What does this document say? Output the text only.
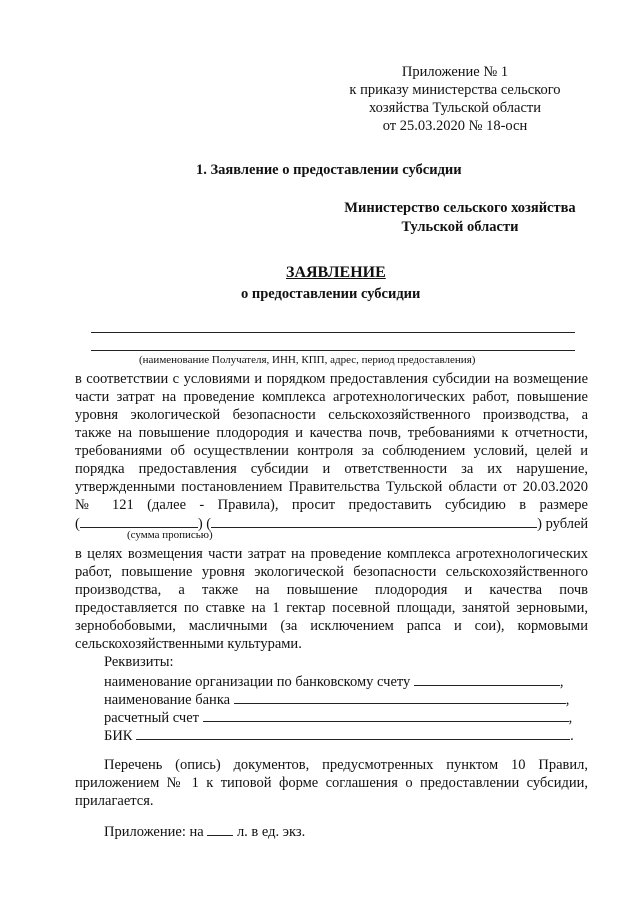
Приложение № 1
к приказу министерства сельского
хозяйства Тульской области
от 25.03.2020 № 18-осн
1. Заявление о предоставлении субсидии
Министерство сельского хозяйства
Тульской области
ЗАЯВЛЕНИЕ
о предоставлении субсидии
(наименование Получателя, ИНН, КПП, адрес, период предоставления)
в соответствии с условиями и порядком предоставления субсидии на возмещение
части затрат на проведение комплекса агротехнологических работ, повышение
уровня экологической безопасности сельскохозяйственного производства, а
также на повышение плодородия и качества почв, требованиями к отчетности,
требованиями об осуществлении контроля за соблюдением условий, целей и
порядка предоставления субсидии и ответственности за их нарушение,
утвержденными постановлением Правительства Тульской области от 20.03.2020
№ 121 (далее - Правила), просит предоставить субсидию в размере
(	) (	) рублей
(сумма прописью)
в целях возмещения части затрат на проведение комплекса агротехнологических
работ, повышение уровня экологической безопасности сельскохозяйственного
производства, а также на повышение плодородия и качества почв
предоставляется по ставке на 1 гектар посевной площади, занятой зерновыми,
зернобобовыми, масличными (за исключением рапса и сои), кормовыми
сельскохозяйственными культурами.
Реквизиты:
наименование организации по банковскому счету	,
наименование банка	,
расчетный счет	,
БИК	.
Перечень (опись) документов, предусмотренных пунктом 10 Правил,
приложением № 1 к типовой форме соглашения о предоставлении субсидии,
прилагается.
Приложение: на л. в ед. экз.
